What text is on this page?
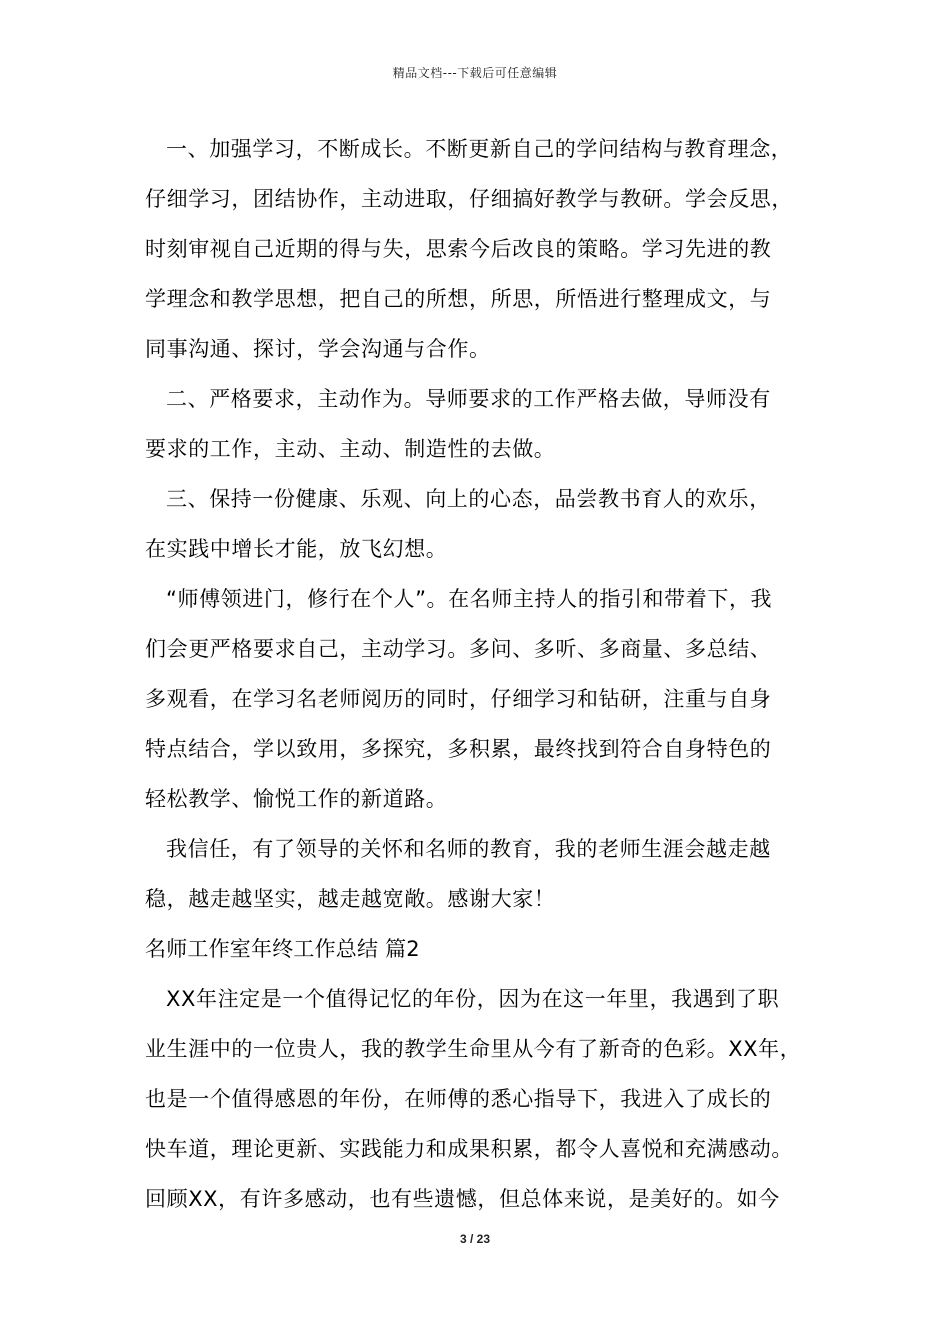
精品文档---下载后可任意编辑
一、加强学习，不断成长。不断更新自己的学问结构与教育理念，
仔细学习，团结协作，主动进取，仔细搞好教学与教研。学会反思，
时刻审视自己近期的得与失，思索今后改良的策略。学习先进的教
学理念和教学思想，把自己的所想，所思，所悟进行整理成文，与
同事沟通、探讨，学会沟通与合作。
二、严格要求，主动作为。导师要求的工作严格去做，导师没有
要求的工作，主动、主动、制造性的去做。
三、保持一份健康、乐观、向上的心态，品尝教书育人的欢乐，
在实践中增长才能，放飞幻想。
“师傅领进门，修行在个人”。在名师主持人的指引和带着下，我
们会更严格要求自己，主动学习。多问、多听、多商量、多总结、
多观看，在学习名老师阅历的同时，仔细学习和钻研，注重与自身
特点结合，学以致用，多探究，多积累，最终找到符合自身特色的
轻松教学、愉悦工作的新道路。
我信任，有了领导的关怀和名师的教育，我的老师生涯会越走越
稳，越走越坚实，越走越宽敞。感谢大家！
名师工作室年终工作总结 篇2
XX年注定是一个值得记忆的年份，因为在这一年里，我遇到了职
业生涯中的一位贵人，我的教学生命里从今有了新奇的色彩。XX年，
也是一个值得感恩的年份，在师傅的悉心指导下，我进入了成长的
快车道，理论更新、实践能力和成果积累，都令人喜悦和充满感动。
回顾XX，有许多感动，也有些遗憾，但总体来说，是美好的。如今
3 / 23
